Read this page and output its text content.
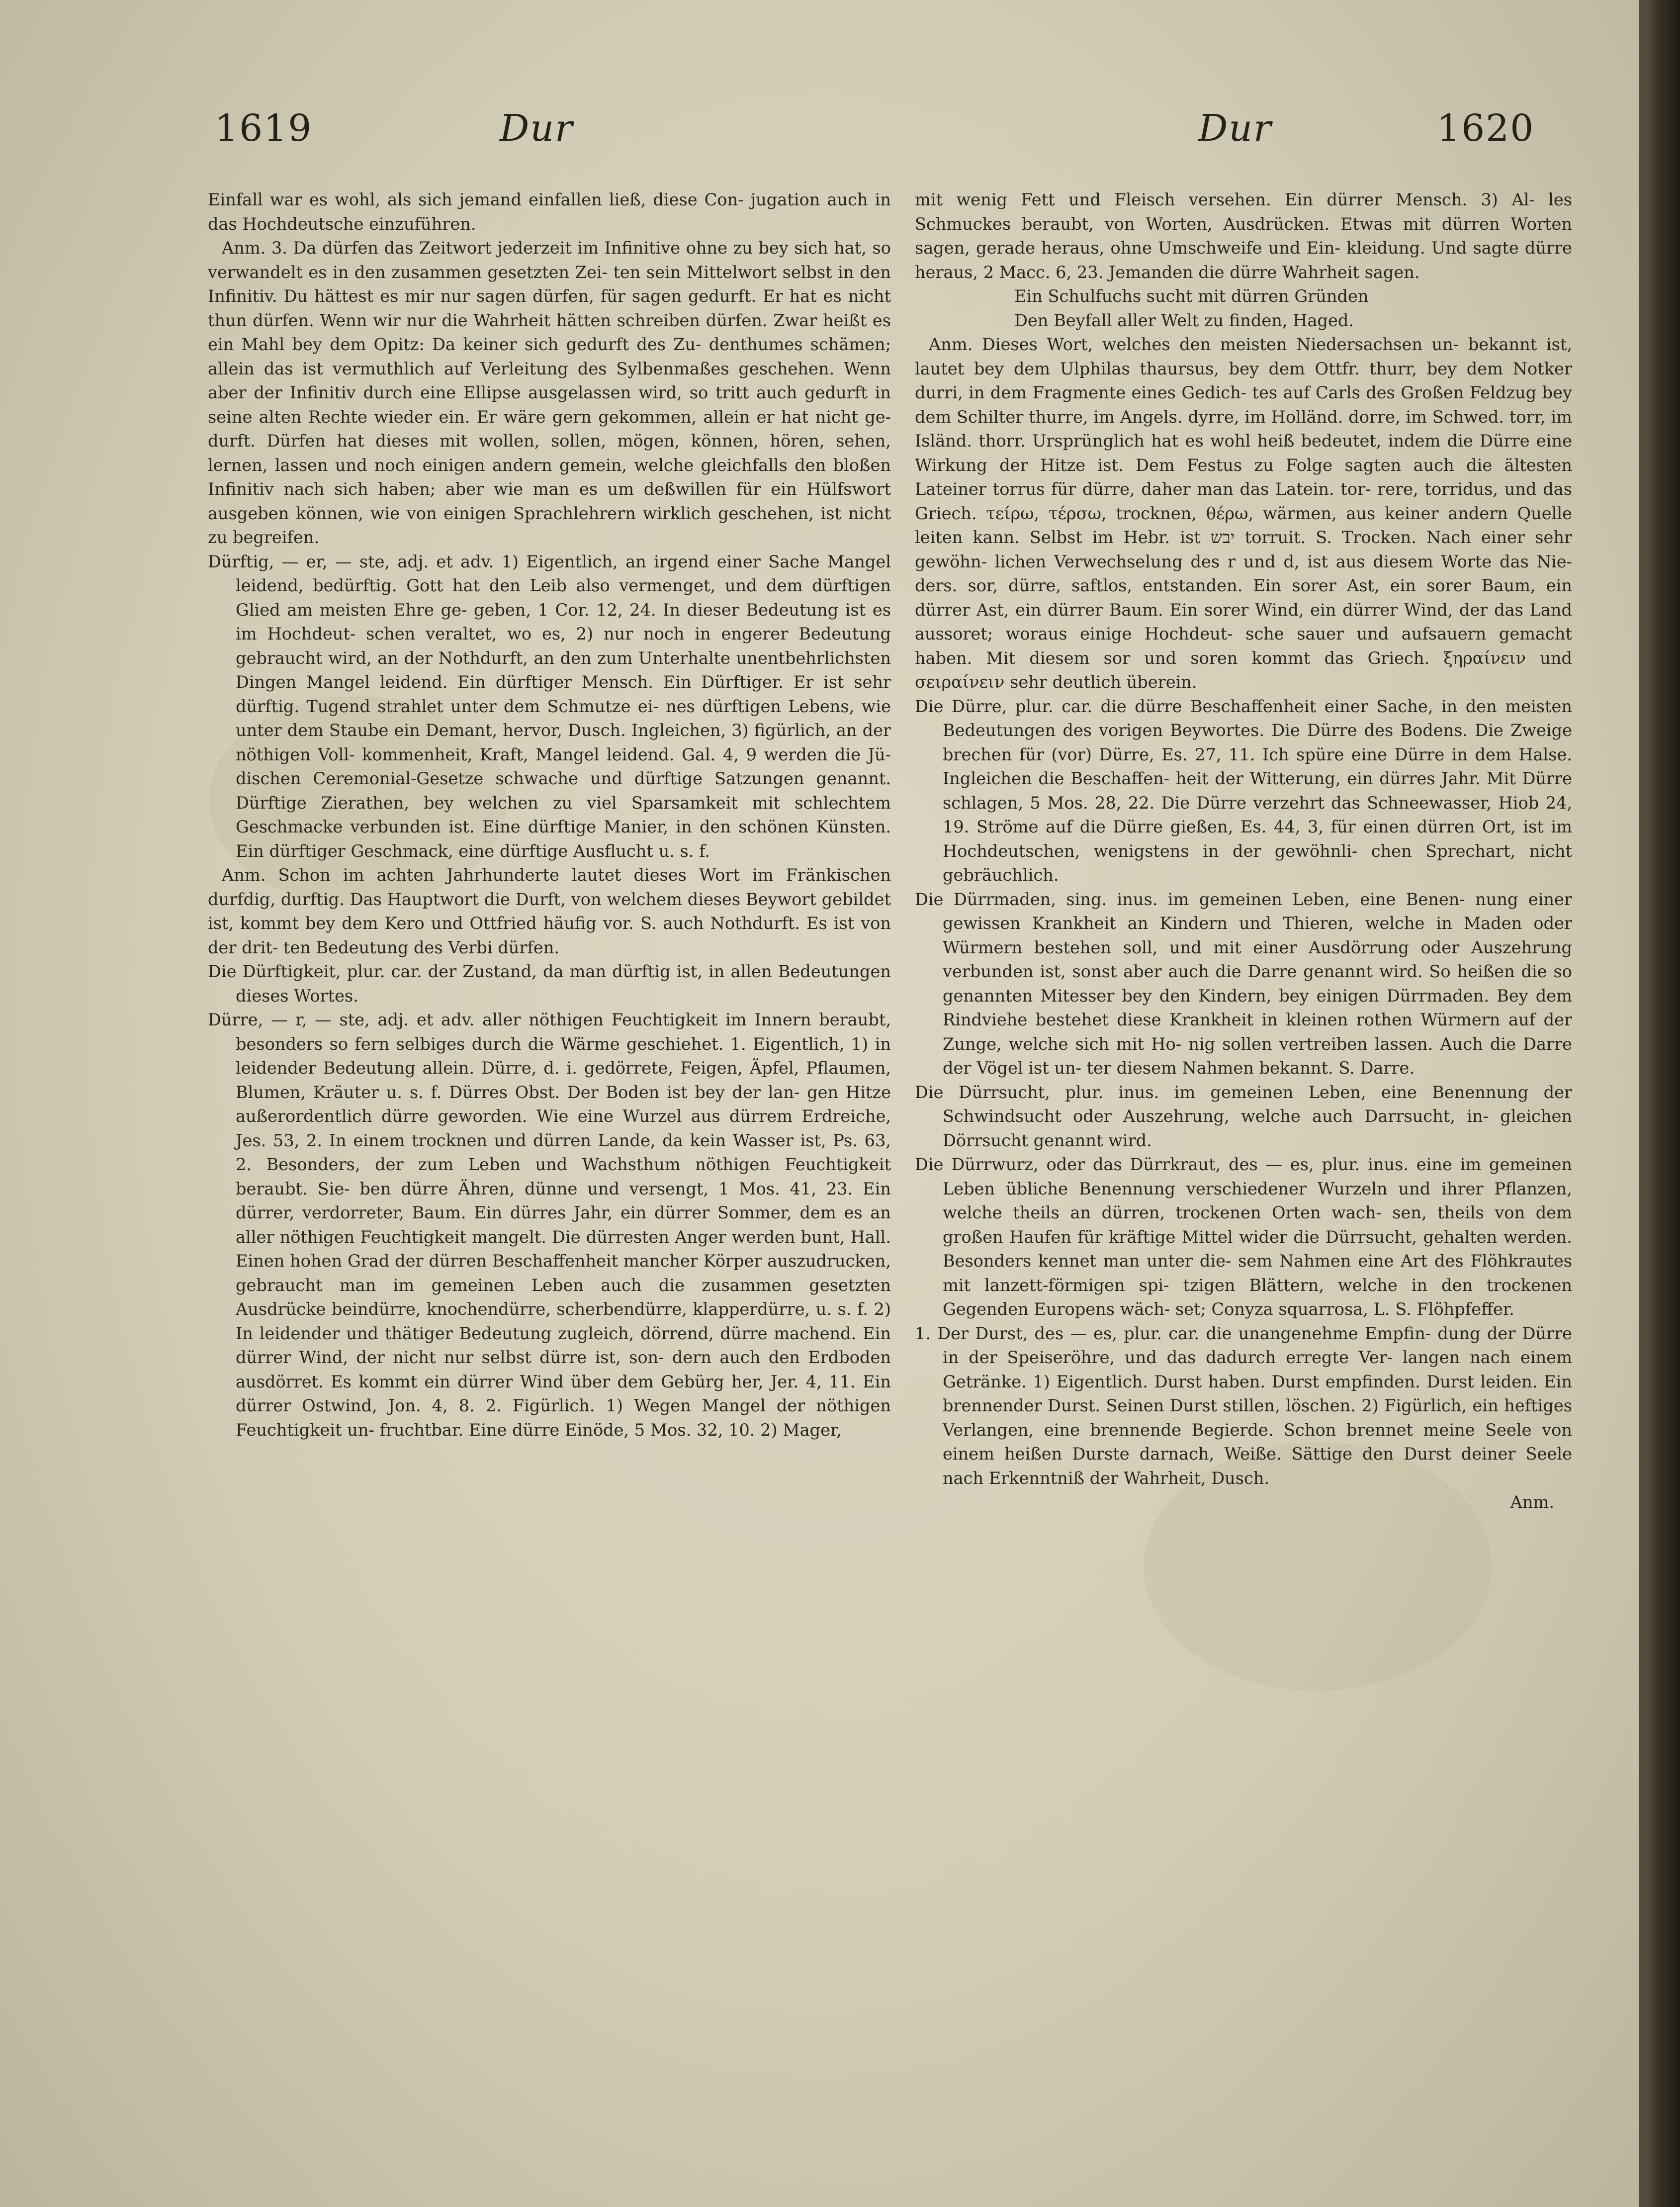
1619	Dur	Dur	1620

Einfall war es wohl, als sich jemand einfallen ließ, diese Con- jugation auch in das Hochdeutsche einzuführen.

Anm. 3. Da dürfen das Zeitwort jederzeit im Infinitive ohne zu bey sich hat, so verwandelt es in den zusammen gesetzten Zei- ten sein Mittelwort selbst in den Infinitiv. Du hättest es mir nur sagen dürfen, für sagen gedurft. Er hat es nicht thun dürfen. Wenn wir nur die Wahrheit hätten schreiben dürfen. Zwar heißt es ein Mahl bey dem Opitz: Da keiner sich gedurft des Zu- denthumes schämen; allein das ist vermuthlich auf Verleitung des Sylbenmaßes geschehen. Wenn aber der Infinitiv durch eine Ellipse ausgelassen wird, so tritt auch gedurft in seine alten Rechte wieder ein. Er wäre gern gekommen, allein er hat nicht ge- durft. Dürfen hat dieses mit wollen, sollen, mögen, können, hören, sehen, lernen, lassen und noch einigen andern gemein, welche gleichfalls den bloßen Infinitiv nach sich haben; aber wie man es um deßwillen für ein Hülfswort ausgeben können, wie von einigen Sprachlehrern wirklich geschehen, ist nicht zu begreifen.

Dürftig, — er, — ste, adj. et adv. 1) Eigentlich, an irgend einer Sache Mangel leidend, bedürftig. Gott hat den Leib also vermenget, und dem dürftigen Glied am meisten Ehre ge- geben, 1 Cor. 12, 24. In dieser Bedeutung ist es im Hochdeut- schen veraltet, wo es, 2) nur noch in engerer Bedeutung gebraucht wird, an der Nothdurft, an den zum Unterhalte unentbehrlichsten Dingen Mangel leidend. Ein dürftiger Mensch. Ein Dürftiger. Er ist sehr dürftig. Tugend strahlet unter dem Schmutze ei- nes dürftigen Lebens, wie unter dem Staube ein Demant, hervor, Dusch. Ingleichen, 3) figürlich, an der nöthigen Voll- kommenheit, Kraft, Mangel leidend. Gal. 4, 9 werden die Jü- dischen Ceremonial-Gesetze schwache und dürftige Satzungen genannt. Dürftige Zierathen, bey welchen zu viel Sparsamkeit mit schlechtem Geschmacke verbunden ist. Eine dürftige Manier, in den schönen Künsten. Ein dürftiger Geschmack, eine dürftige Ausflucht u. s. f.

Anm. Schon im achten Jahrhunderte lautet dieses Wort im Fränkischen durfdig, durftig. Das Hauptwort die Durft, von welchem dieses Beywort gebildet ist, kommt bey dem Kero und Ottfried häufig vor. S. auch Nothdurft. Es ist von der drit- ten Bedeutung des Verbi dürfen.

Die Dürftigkeit, plur. car. der Zustand, da man dürftig ist, in allen Bedeutungen dieses Wortes.

Dürre, — r, — ste, adj. et adv. aller nöthigen Feuchtigkeit im Innern beraubt, besonders so fern selbiges durch die Wärme geschiehet. 1. Eigentlich, 1) in leidender Bedeutung allein. Dürre, d. i. gedörrete, Feigen, Äpfel, Pflaumen, Blumen, Kräuter u. s. f. Dürres Obst. Der Boden ist bey der lan- gen Hitze außerordentlich dürre geworden. Wie eine Wurzel aus dürrem Erdreiche, Jes. 53, 2. In einem trocknen und dürren Lande, da kein Wasser ist, Ps. 63, 2. Besonders, der zum Leben und Wachsthum nöthigen Feuchtigkeit beraubt. Sie- ben dürre Ähren, dünne und versengt, 1 Mos. 41, 23. Ein dürrer, verdorreter, Baum. Ein dürres Jahr, ein dürrer Sommer, dem es an aller nöthigen Feuchtigkeit mangelt. Die dürresten Anger werden bunt, Hall. Einen hohen Grad der dürren Beschaffenheit mancher Körper auszudrucken, gebraucht man im gemeinen Leben auch die zusammen gesetzten Ausdrücke beindürre, knochendürre, scherbendürre, klapperdürre, u. s. f. 2) In leidender und thätiger Bedeutung zugleich, dörrend, dürre machend. Ein dürrer Wind, der nicht nur selbst dürre ist, son- dern auch den Erdboden ausdörret. Es kommt ein dürrer Wind über dem Gebürg her, Jer. 4, 11. Ein dürrer Ostwind, Jon. 4, 8. 2. Figürlich. 1) Wegen Mangel der nöthigen Feuchtigkeit un- fruchtbar. Eine dürre Einöde, 5 Mos. 32, 10. 2) Mager,

mit wenig Fett und Fleisch versehen. Ein dürrer Mensch. 3) Al- les Schmuckes beraubt, von Worten, Ausdrücken. Etwas mit dürren Worten sagen, gerade heraus, ohne Umschweife und Ein- kleidung. Und sagte dürre heraus, 2 Macc. 6, 23. Jemanden die dürre Wahrheit sagen.

Ein Schulfuchs sucht mit dürren Gründen

Den Beyfall aller Welt zu finden, Haged.

Anm. Dieses Wort, welches den meisten Niedersachsen un- bekannt ist, lautet bey dem Ulphilas thaursus, bey dem Ottfr. thurr, bey dem Notker durri, in dem Fragmente eines Gedich- tes auf Carls des Großen Feldzug bey dem Schilter thurre, im Angels. dyrre, im Holländ. dorre, im Schwed. torr, im Isländ. thorr. Ursprünglich hat es wohl heiß bedeutet, indem die Dürre eine Wirkung der Hitze ist. Dem Festus zu Folge sagten auch die ältesten Lateiner torrus für dürre, daher man das Latein. tor- rere, torridus, und das Griech. τείρω, τέρσω, trocknen, θέρω, wärmen, aus keiner andern Quelle leiten kann. Selbst im Hebr. ist יבש torruit. S. Trocken. Nach einer sehr gewöhn- lichen Verwechselung des r und d, ist aus diesem Worte das Nie- ders. sor, dürre, saftlos, entstanden. Ein sorer Ast, ein sorer Baum, ein dürrer Ast, ein dürrer Baum. Ein sorer Wind, ein dürrer Wind, der das Land aussoret; woraus einige Hochdeut- sche sauer und aufsauern gemacht haben. Mit diesem sor und soren kommt das Griech. ξηραίνειν und σειραίνειν sehr deutlich überein.

Die Dürre, plur. car. die dürre Beschaffenheit einer Sache, in den meisten Bedeutungen des vorigen Beywortes. Die Dürre des Bodens. Die Zweige brechen für (vor) Dürre, Es. 27, 11. Ich spüre eine Dürre in dem Halse. Ingleichen die Beschaffen- heit der Witterung, ein dürres Jahr. Mit Dürre schlagen, 5 Mos. 28, 22. Die Dürre verzehrt das Schneewasser, Hiob 24, 19. Ströme auf die Dürre gießen, Es. 44, 3, für einen dürren Ort, ist im Hochdeutschen, wenigstens in der gewöhnli- chen Sprechart, nicht gebräuchlich.

Die Dürrmaden, sing. inus. im gemeinen Leben, eine Benen- nung einer gewissen Krankheit an Kindern und Thieren, welche in Maden oder Würmern bestehen soll, und mit einer Ausdörrung oder Auszehrung verbunden ist, sonst aber auch die Darre genannt wird. So heißen die so genannten Mitesser bey den Kindern, bey einigen Dürrmaden. Bey dem Rindviehe bestehet diese Krankheit in kleinen rothen Würmern auf der Zunge, welche sich mit Ho- nig sollen vertreiben lassen. Auch die Darre der Vögel ist un- ter diesem Nahmen bekannt. S. Darre.

Die Dürrsucht, plur. inus. im gemeinen Leben, eine Benennung der Schwindsucht oder Auszehrung, welche auch Darrsucht, in- gleichen Dörrsucht genannt wird.

Die Dürrwurz, oder das Dürrkraut, des — es, plur. inus. eine im gemeinen Leben übliche Benennung verschiedener Wurzeln und ihrer Pflanzen, welche theils an dürren, trockenen Orten wach- sen, theils von dem großen Haufen für kräftige Mittel wider die Dürrsucht, gehalten werden. Besonders kennet man unter die- sem Nahmen eine Art des Flöhkrautes mit lanzett-förmigen spi- tzigen Blättern, welche in den trockenen Gegenden Europens wäch- set; Conyza squarrosa, L. S. Flöhpfeffer.

1. Der Durst, des — es, plur. car. die unangenehme Empfin- dung der Dürre in der Speiseröhre, und das dadurch erregte Ver- langen nach einem Getränke. 1) Eigentlich. Durst haben. Durst empfinden. Durst leiden. Ein brennender Durst. Seinen Durst stillen, löschen. 2) Figürlich, ein heftiges Verlangen, eine brennende Begierde. Schon brennet meine Seele von einem heißen Durste darnach, Weiße. Sättige den Durst deiner Seele nach Erkenntniß der Wahrheit, Dusch.

Anm.
